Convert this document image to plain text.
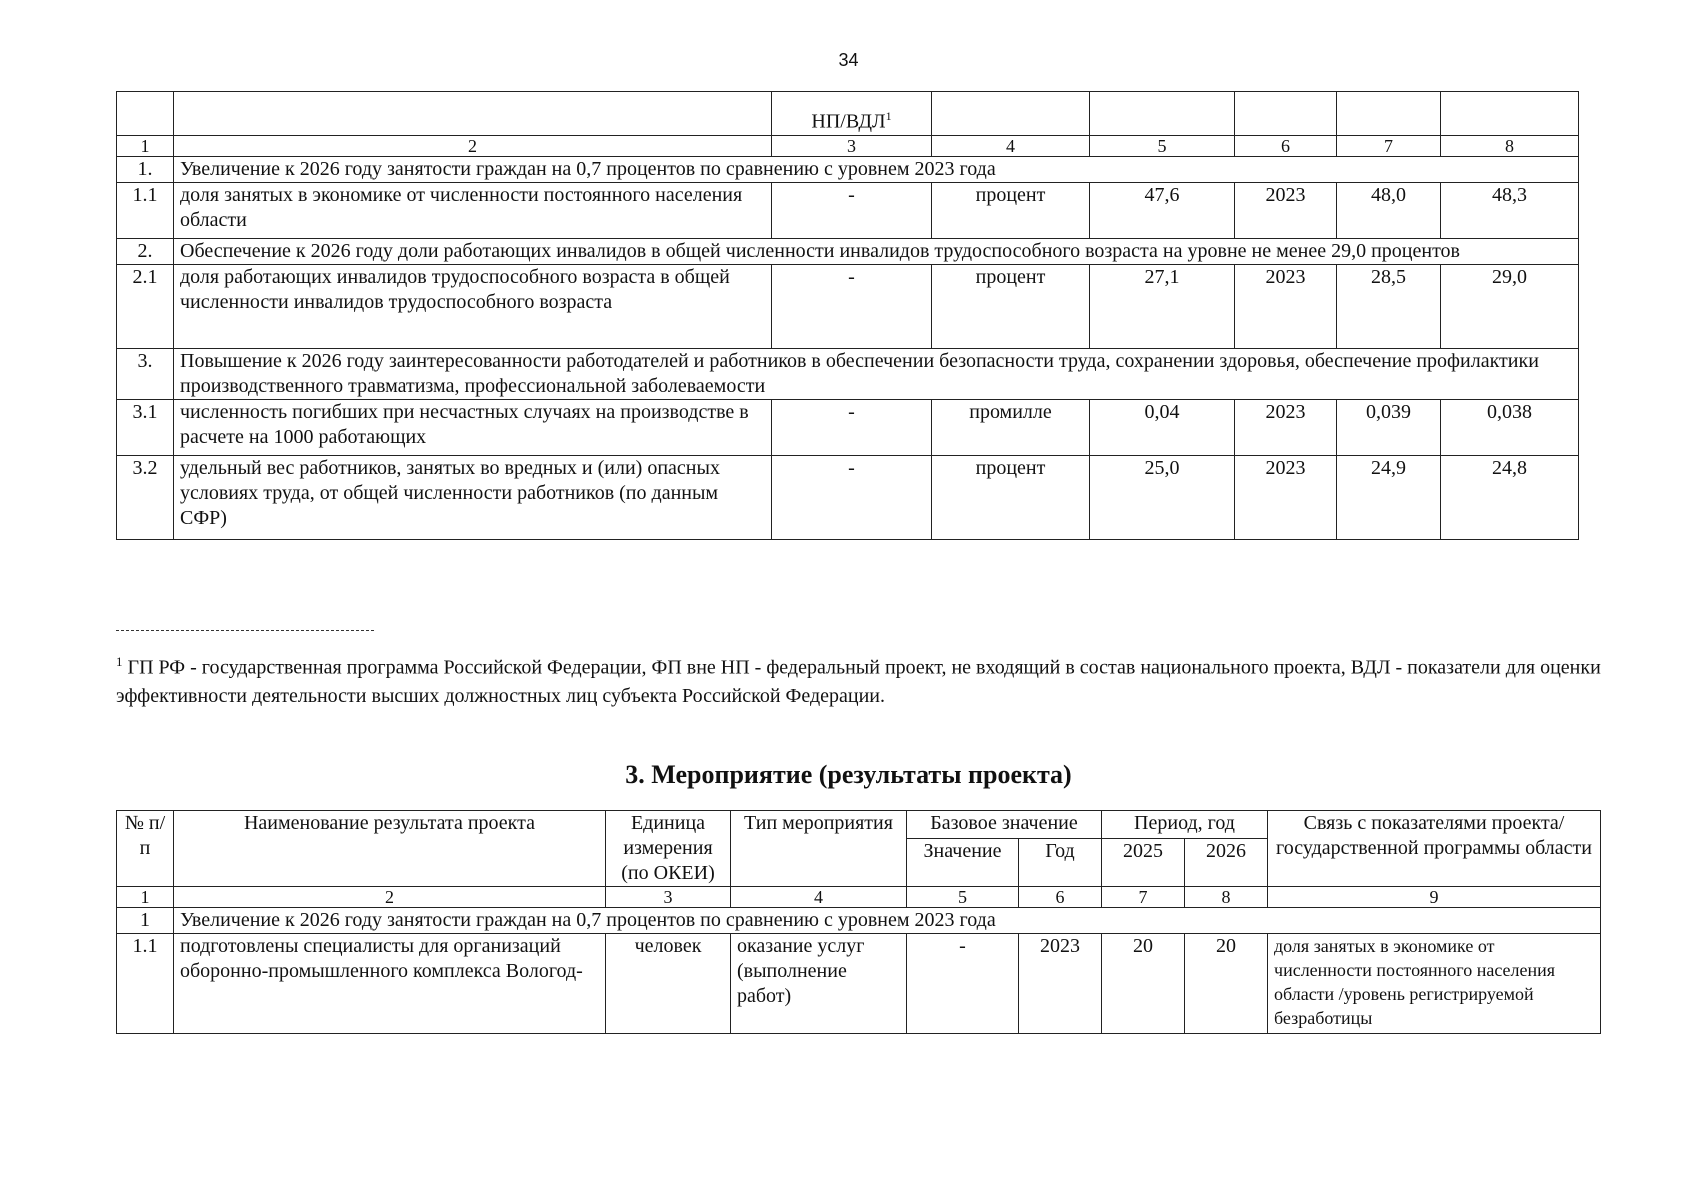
34
		НП/ВДЛ$^1$					
1	2	3	4	5	6	7	8
1.	Увеличение к 2026 году занятости граждан на 0,7 процентов по сравнению с уровнем 2023 года						
1.1	доля занятых в экономике от численности постоянного населения области	-	процент	47,6	2023	48,0	48,3
2.	Обеспечение к 2026 году доли работающих инвалидов в общей численности инвалидов трудоспособного возраста на уровне не менее 29,0 процентов						
2.1	доля работающих инвалидов трудоспособного возраста в общей численности инвалидов трудоспособного возраста	-	процент	27,1	2023	28,5	29,0
3.	Повышение к 2026 году заинтересованности работодателей и работников в обеспечении безопасности труда, сохранении здоровья, обеспечение профилактики производственного травматизма, профессиональной заболеваемости						
3.1	численность погибших при несчастных случаях на производстве в расчете на 1000 работающих	-	промилле	0,04	2023	0,039	0,038
3.2	удельный вес работников, занятых во вредных и (или) опасных условиях труда, от общей численности работников (по данным СФР)	-	процент	25,0	2023	24,9	24,8
$^1$ ГП РФ - государственная программа Российской Федерации, ФП вне НП - федеральный проект, не входящий в состав национального проекта, ВДЛ - показатели для оценки эффективности деятельности высших должностных лиц субъекта Российской Федерации.
3. Мероприятие (результаты проекта)
№ п/п	Наименование результата проекта	Единица измерения (по ОКЕИ)	Тип мероприятия	Базовое значение		Период, год		Связь с показателями проекта/государственной программы области
				Значение	Год	2025	2026	
1	2	3	4	5	6	7	8	9
1	Увеличение к 2026 году занятости граждан на 0,7 процентов по сравнению с уровнем 2023 года							
1.1	подготовлены специалисты для организаций оборонно-промышленного комплекса Вологод-	человек	оказание услуг (выполнение работ)	-	2023	20	20	доля занятых в экономике от численности постоянного населения области /уровень регистрируемой безработицы
